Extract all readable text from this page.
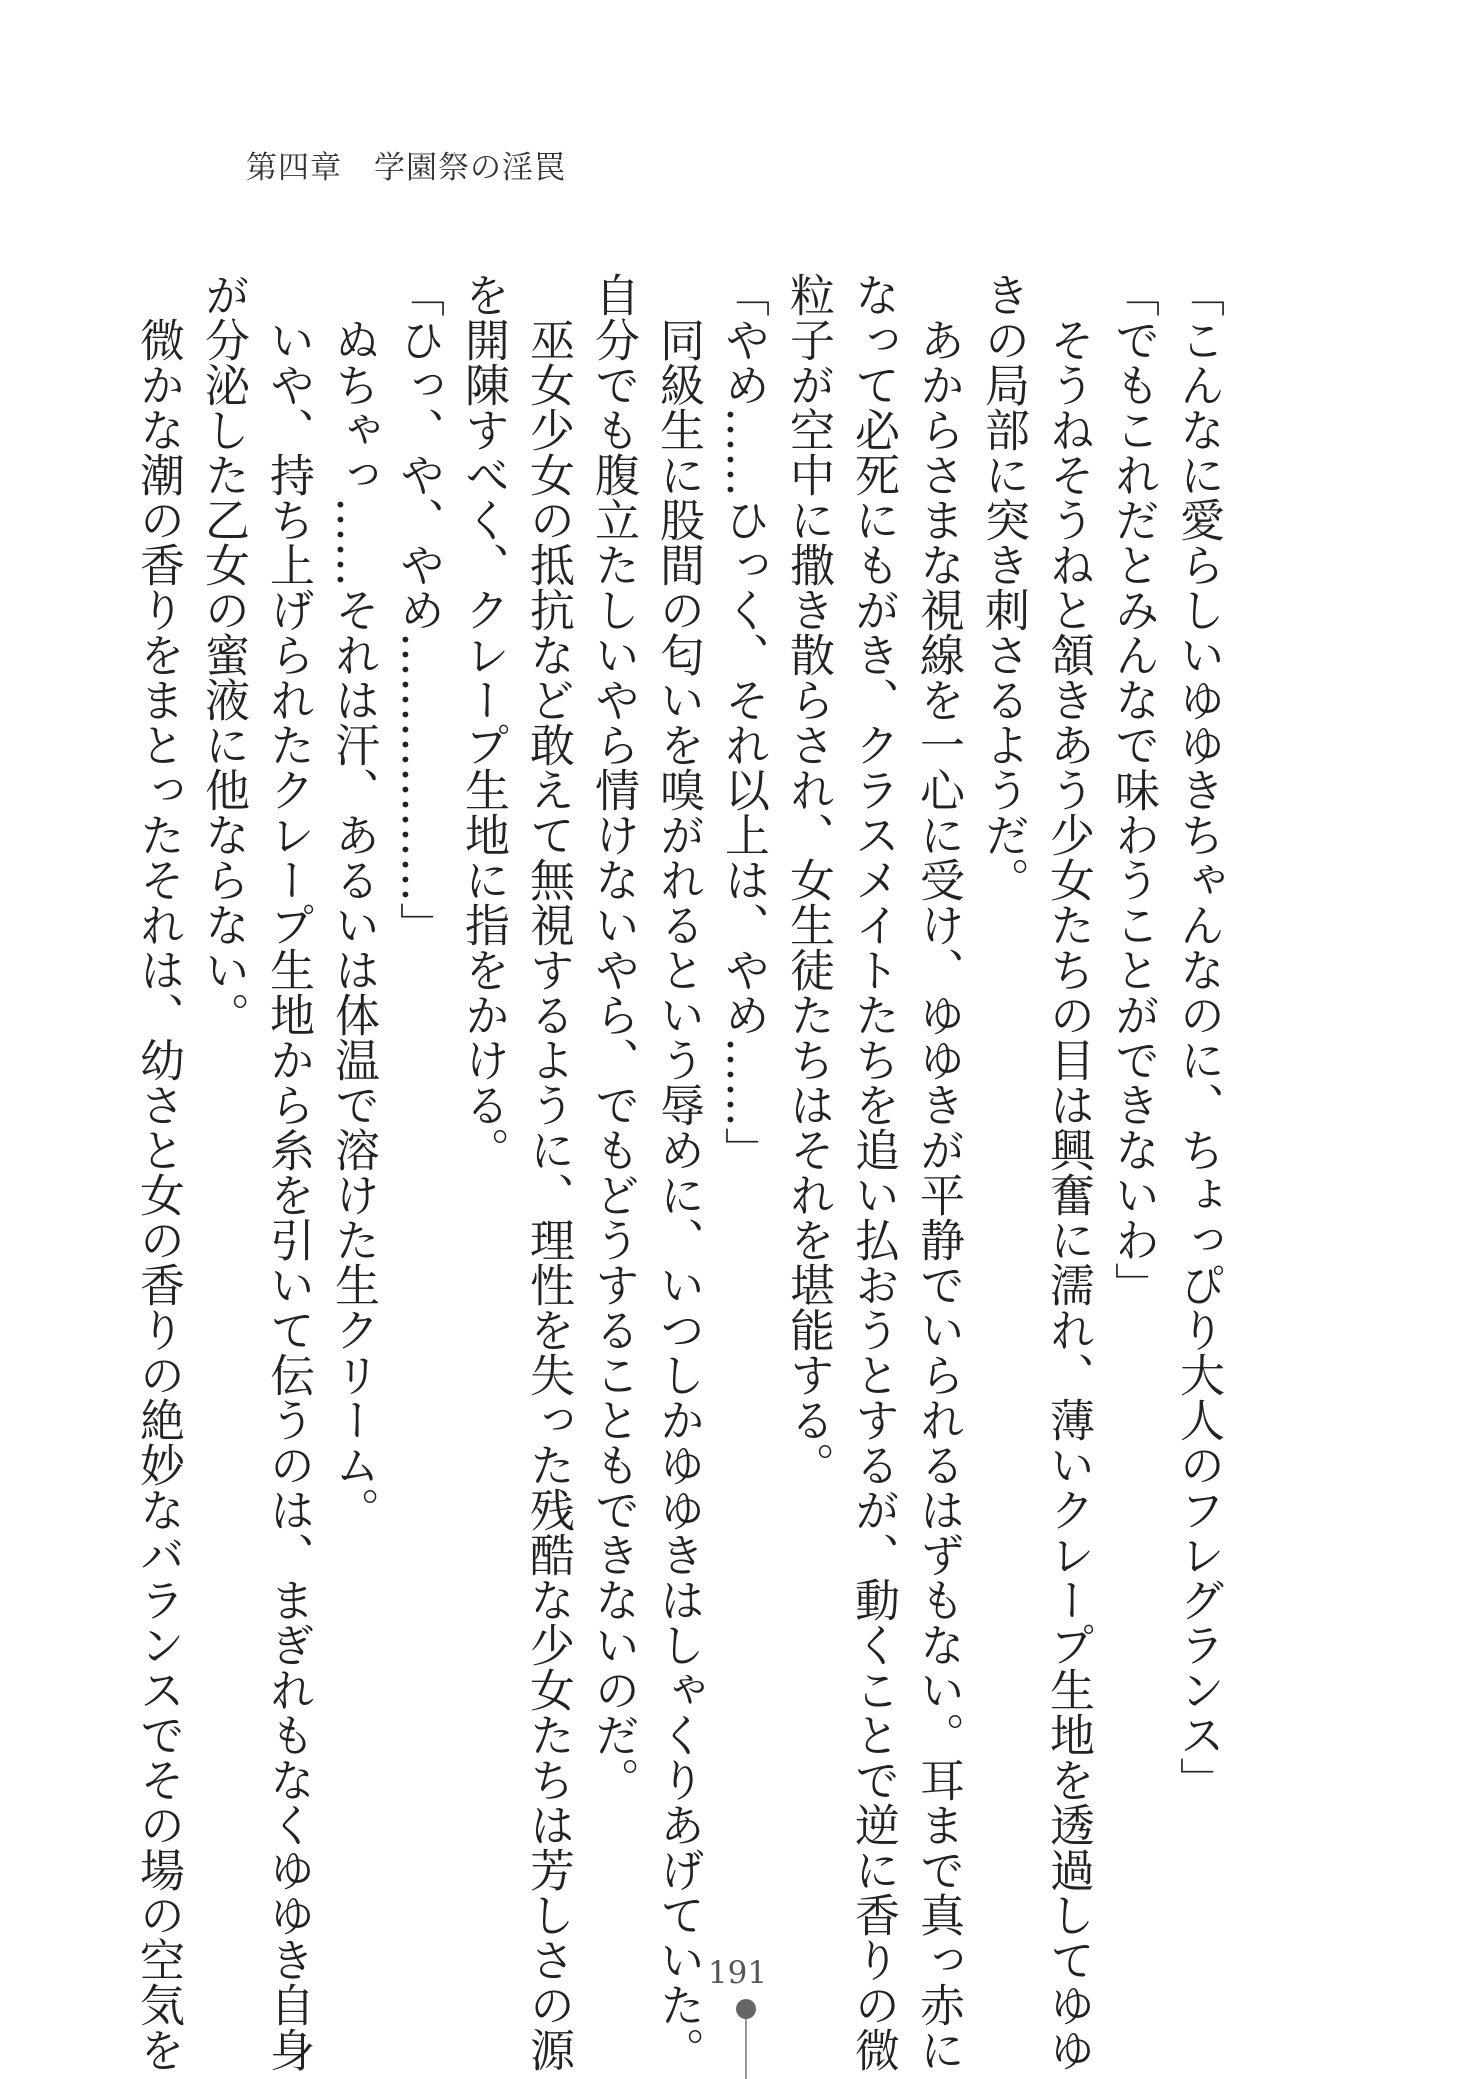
第四章　学園祭の淫罠
「こんなに愛らしいゆゆきちゃんなのに、ちょっぴり大人のフレグランス」
「でもこれだとみんなで味わうことができないわ」
　そうねそうねと頷きあう少女たちの目は興奮に濡れ、薄いクレープ生地を透過してゆゆ
きの局部に突き刺さるようだ。
　あからさまな視線を一心に受け、ゆゆきが平静でいられるはずもない。耳まで真っ赤に
なって必死にもがき、クラスメイトたちを追い払おうとするが、動くことで逆に香りの微
粒子が空中に撒き散らされ、女生徒たちはそれを堪能する。
「やめ……ひっく、それ以上は、やめ……」
　同級生に股間の匂いを嗅がれるという辱めに、いつしかゆゆきはしゃくりあげていた。
自分でも腹立たしいやら情けないやら、でもどうすることもできないのだ。
　巫女少女の抵抗など敢えて無視するように、理性を失った残酷な少女たちは芳しさの源
を開陳すべく、クレープ生地に指をかける。
「ひっ、や、やめ………………」
　ぬちゃっ……それは汗、あるいは体温で溶けた生クリーム。
　いや、持ち上げられたクレープ生地から糸を引いて伝うのは、まぎれもなくゆゆき自身
が分泌した乙女の蜜液に他ならない。
　微かな潮の香りをまとったそれは、幼さと女の香りの絶妙なバランスでその場の空気を	191
